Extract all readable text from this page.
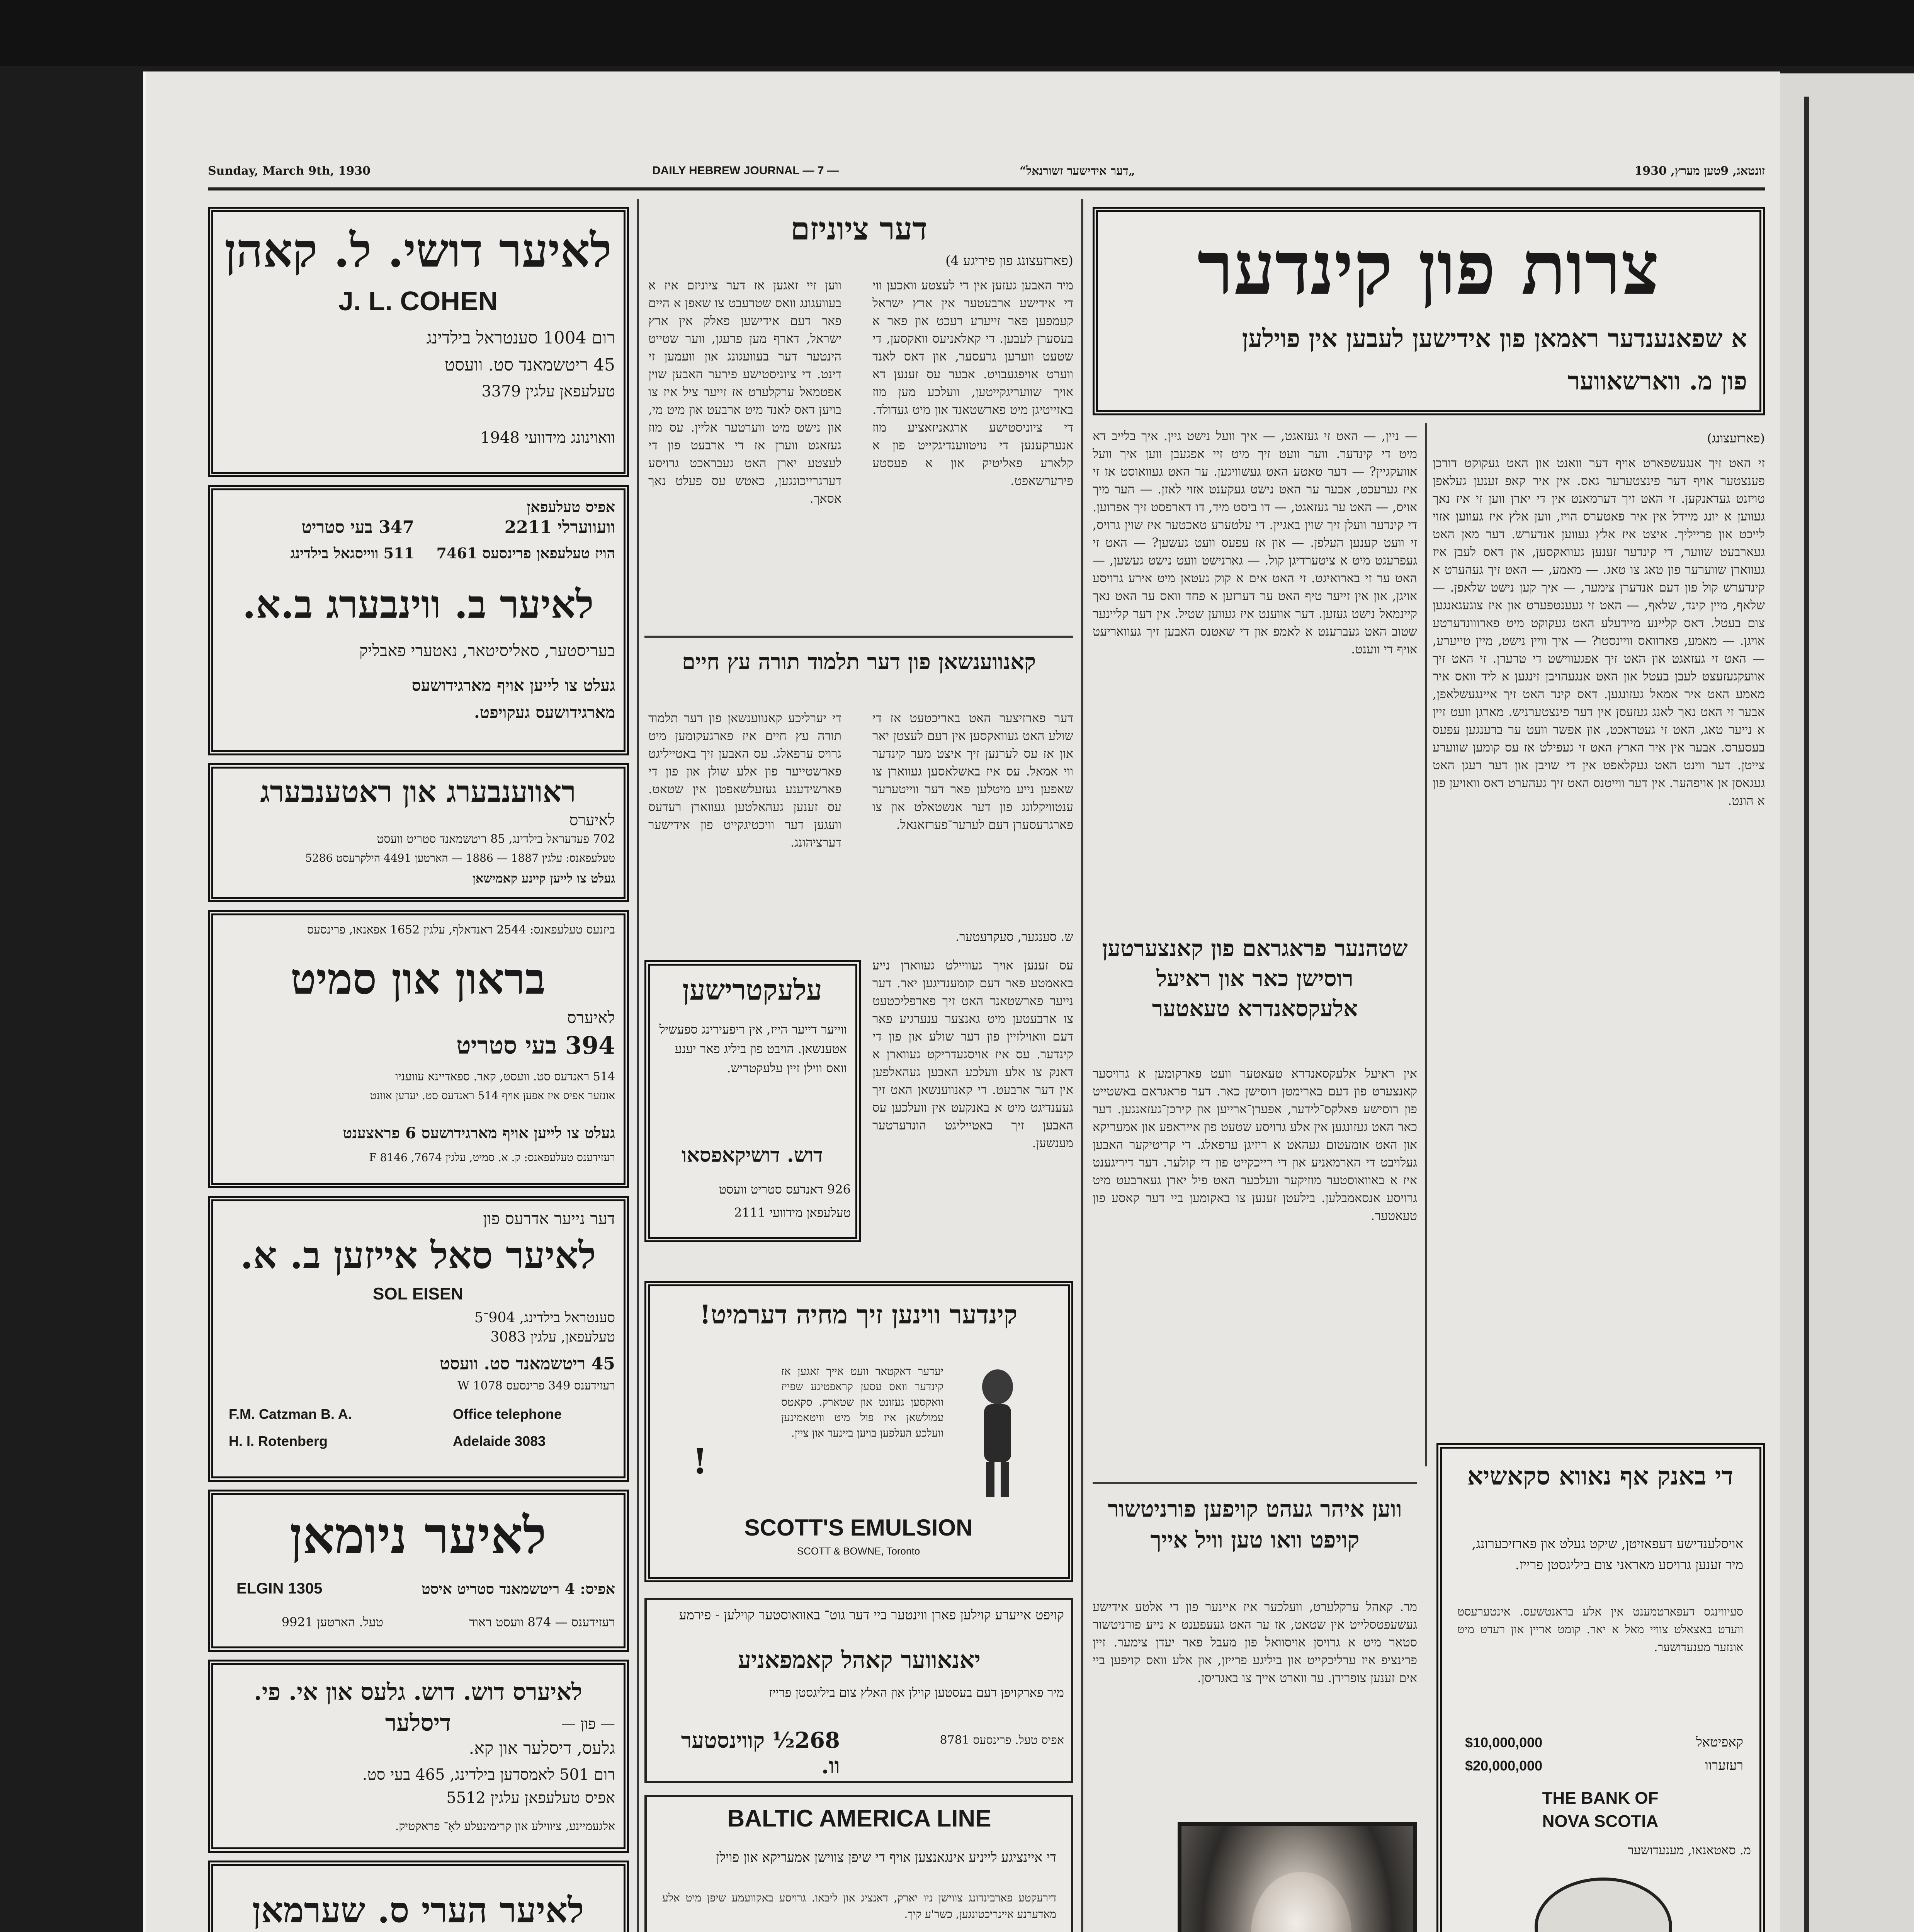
Sunday, March 9th, 1930	DAILY HEBREW JOURNAL — 7 —	„דער אידישער זשורנאל“	זונטאג, 9טען מערץ, 1930
לאיער דושי. ל. קאהן
J. L. COHEN
רום 1004 סענטראל בילדינג
45 ריטשמאנד סט. וועסט
טעלעפאן עלגין 3379
וואוינונג מידוועי 1948
אפיס טעלעפאן
347 בעי סטריט	וועווערלי 2211
511 ווייסגאל בילדינג	הויז טעלעפאן פרינסעס 7461
לאיער ב. ווינבערג ב.א.
בעריסטער, סאליסיטאר, נאטערי פאבליק
געלט צו לייען אויף מארגידושעס
מארגידושעס געקויפט.
ראווענבערג און ראטענבערג
לאיערס
702 פעדעראל בילדינג, 85 ריטשמאנד סטריט וועסט
טעלעפאנס: עלגין 1887 — 1886 — הארטען 4491 הילקרעסט 5286
געלט צו לייען קיינע קאמישאן
ביזנעס טעלעפאנס: 2544 ראנדאלף, עלגין 1652 אפאנאו, פרינסעס
בראון און סמיט
לאיערס
394 בעי סטריט
514 ראנדעס סט. וועסט, קאר. ספאדיינא עוועניו
אונזער אפיס איז אפען אויף 514 ראנדעס סט. יעדען אוונט
געלט צו לייען אויף מארגידושעס 6 פראצענט
רעזידענס טעלעפאנס: ק. א. סמיט, עלגין 7674, 8146 F
דער נייער אדרעס פון
לאיער סאל אייזען ב. א.
SOL EISEN
סענטראל בילדינג, 904־5
טעלעפאן, עלגין 3083
45 ריטשמאנד סט. וועסט
רעזידענס 349 פרינסעס W 1078
F.M. Catzman B. A.	Office telephone
H. I. Rotenberg	Adelaide 3083
לאיער ניומאן
ELGIN 1305	אפיס: 4 ריטשמאנד סטריט איסט
רעזידענס — 874 וועסט ראוד
טעל. הארטען 9921
לאיערס דוש. דוש. גלעס און אי. פי. דיסלער	— פון —
גלעס, דיסלער און קא.
רום 501 לאמסדען בילדינג, 465 בעי סט.
אפיס טעלעפאן עלגין 5512
אלגעמיינע, ציווילע און קרימינעלע לאָ־ פראקטיק.
לאיער הערי ס. שערמאן
דער ציוניזם
(פארזעצונג פון פיריגע 4)
ווען זיי זאגען אז דער ציוניזם איז א בעוועגונג וואס שטרעבט צו שאפן א היים פאר דעם אידישען פאלק אין ארץ ישראל, דארף מען פרעגן, ווער שטייט הינטער דער בעוועגונג און וועמען זי דינט. די ציוניסטישע פירער האבען שוין אפטמאל ערקלערט אז זייער ציל איז צו בויען דאס לאנד מיט ארבעט און מיט מי, און נישט מיט ווערטער אליין. עס מוז געזאגט ווערן אז די ארבעט פון די לעצטע יארן האט געבראכט גרויסע דערגרייכונגען, כאטש עס פעלט נאך אסאך.
מיר האבען געזען אין די לעצטע וואכען ווי די אידישע ארבעטער אין ארץ ישראל קעמפען פאר זייערע רעכט און פאר א בעסערן לעבען. די קאלאניעס וואקסען, די שטעט ווערען גרעסער, און דאס לאנד ווערט אויפגעבויט. אבער עס זענען דא אויך שוועריגקייטען, וועלכע מען מוז באזייטיגן מיט פארשטאנד און מיט געדולד. די ציוניסטישע ארגאניזאציע מוז אנערקענען די נויטווענדיגקייט פון א קלארע פאליטיק און א פעסטע פירערשאפט.
קאנווענשאן פון דער תלמוד תורה עץ חיים
די יערליכע קאנווענשאן פון דער תלמוד תורה עץ חיים איז פארגעקומען מיט גרויס ערפאלג. עס האבען זיך באטייליגט פארשטייער פון אלע שולן און פון די פארשידענע געזעלשאפטן אין שטאט. עס זענען געהאלטען געווארן רעדעס וועגען דער וויכטיגקייט פון אידישער דערציהונג.
דער פארזיצער האט באריכטעט אז די שולע האט געוואקסען אין דעם לעצטן יאר און אז עס לערנען זיך איצט מער קינדער ווי אמאל. עס איז באשלאסען געווארן צו שאפען נייע מיטלען פאר דער ווייטערער ענטוויקלונג פון דער אנשטאלט און צו פארגרעסערן דעם לערער־פערזאנאל.
ש. סענגער, סעקרעטער.
עלעקטרישען
ווייער דייער הייז, אין ריפעירינג ספעשיל אטענשאן. הויבט פון ביליג פאר יענע וואס ווילן זיין עלעקטריש.
דוש. דושיקאפסאו
926 דאנדעס סטריט וועסט
טעלעפאן מידוועי 2111
עס זענען אויך געוויילט געווארן נייע באאמטע פאר דעם קומענדיגען יאר. דער נייער פארשטאנד האט זיך פארפליכטעט צו ארבעטען מיט גאנצער ענערגיע פאר דעם וואוילזיין פון דער שולע און פון די קינדער. עס איז אויסגעדריקט געווארן א דאנק צו אלע וועלכע האבען געהאלפען אין דער ארבעט. די קאנווענשאן האט זיך געענדיגט מיט א באנקעט אין וועלכען עס האבען זיך באטייליגט הונדערטער מענשען.
קינדער ווינען זיך מחיה דערמיט!
יעדער דאקטאר וועט אייך זאגען אז קינדער וואס עסען קראפטיגע שפייז וואקסען געזונט און שטארק. סקאטס עמולשאן איז פול מיט וויטאמינען וועלכע העלפען בויען ביינער און ציין.
!
SCOTT'S EMULSION
SCOTT & BOWNE, Toronto
קויפט אייערע קוילען פארן ווינטער ביי דער גוט־ באוואוסטער קוילען - פירמע
יאנאווער קאהל קאמפאניע
מיר פארקויפן דעם בעסטען קוילן און האלץ צום ביליגסטן פרייז
268½ קווינסטער וו.
אפיס טעל. פרינסעס 8781
BALTIC AMERICA LINE
די איינציגע לייניע אינגאנצען אויף די שיפן צווישן אמעריקא און פוילן
דירעקטע פארבינדונג צווישן ניו יארק, דאנציג און ליבאו. גרויסע באקוועמע שיפן מיט אלע מאדערנע איינריכטונגען, כשר'ע קיך.
צרות פון קינדער
א שפאנענדער ראמאן פון אידישען לעבען אין פוילען
פון מ. ווארשאווער
— ניין, — האט זי געזאגט, — איך וועל נישט גיין. איך בלייב דא מיט די קינדער. ווער וועט זיך מיט זיי אפגעבן ווען איך וועל אוועקגיין? — דער טאטע האט געשוויגען. ער האט געוואוסט אז זי איז גערעכט, אבער ער האט נישט געקענט אזוי לאזן. — הער מיך אויס, — האט ער געזאגט, — דו ביסט מיד, דו דארפסט זיך אפרוען. די קינדער וועלן זיך שוין באגיין. די עלטערע טאכטער איז שוין גרויס, זי וועט קענען העלפן. — און אז עפעס וועט געשען? — האט זי געפרעגט מיט א ציטערדיגן קול. — גארנישט וועט נישט געשען, — האט ער זי בארואיגט. זי האט אים א קוק געטאן מיט אירע גרויסע אויגן, און אין זייער טיף האט ער דערזען א פחד וואס ער האט נאך קיינמאל נישט געזען. דער אווענט איז געווען שטיל. אין דער קליינער שטוב האט געברענט א לאמפ און די שאטנס האבען זיך געוואריעט אויף די ווענט.
שטהנער פראגראם פון קאנצערטען רוסישן כאר און ראיעל אלעקסאנדרא טעאטער
אין ראיעל אלעקסאנדרא טעאטער וועט פארקומען א גרויסער קאנצערט פון דעם בארימטן רוסישן כאר. דער פראגראם באשטייט פון רוסישע פאלקס־לידער, אפערן־ארייען און קירכן־געזאנגען. דער כאר האט געזונגען אין אלע גרויסע שטעט פון אייראפע און אמעריקא און האט אומעטום געהאט א ריזיגן ערפאלג. די קריטיקער האבען געלויבט די הארמאניע און די רייכקייט פון די קולער. דער דיריגענט איז א באוואוסטער מוזיקער וועלכער האט פיל יארן געארבעט מיט גרויסע אנסאמבלען. בילעטן זענען צו באקומען ביי דער קאסע פון טעאטער.
ווען איהר געהט קויפען פורניטשור קויפט וואו טען וויל אייך
מר. קאהל ערקלערט, וועלכער איז איינער פון די אלטע אידישע געשעפטסלייט אין שטאט, אז ער האט געעפענט א נייע פורניטשור סטאר מיט א גרויסן אויסוואל פון מעבל פאר יעדן צימער. זיין פרינציפ איז ערליכקייט און ביליגע פרייזן, און אלע וואס קויפען ביי אים זענען צופרידן. ער ווארט אייך צו באגריסן.
(פארזעצונג)
זי האט זיך אנגעשפארט אויף דער וואנט און האט געקוקט דורכן פענצטער אויף דער פינצטערער גאס. אין איר קאפ זענען געלאפן טויזנט געדאנקען. זי האט זיך דערמאנט אין די יארן ווען זי איז נאך געווען א יונג מיידל אין איר פאטערס הויז, ווען אלץ איז געווען אזוי לייכט און פרייליך. איצט איז אלץ געווען אנדערש. דער מאן האט געארבעט שווער, די קינדער זענען געוואקסען, און דאס לעבן איז געווארן שווערער פון טאג צו טאג. — מאמע, — האט זיך געהערט א קינדערש קול פון דעם אנדערן צימער, — איך קען נישט שלאפן. — שלאף, מיין קינד, שלאף, — האט זי געענטפערט און איז צוגעגאנגען צום בעטל. דאס קליינע מיידעלע האט געקוקט מיט פארווונדערטע אויגן. — מאמע, פארוואס וויינסטו? — איך וויין נישט, מיין טייערע, — האט זי געזאגט און האט זיך אפגעווישט די טרערן. זי האט זיך אוועקגעזעצט לעבן בעטל און האט אנגעהויבן זינגען א ליד וואס איר מאמע האט איר אמאל געזונגען. דאס קינד האט זיך איינגעשלאפן, אבער זי האט נאך לאנג געזעסן אין דער פינצטערניש. מארגן וועט זיין א נייער טאג, האט זי געטראכט, און אפשר וועט ער ברענגען עפעס בעסערס. אבער אין איר הארץ האט זי געפילט אז עס קומען שווערע צייטן. דער ווינט האט געקלאפט אין די שויבן און דער רעגן האט געגאסן אן אויפהער. אין דער ווייטנס האט זיך געהערט דאס וואויען פון א הונט.
די באנק אף נאווא סקאשיא
אויסלענדישע דעפאזיטן, שיקט געלט און פארזיכערונג, מיר זענען גרויסע מאראני צום ביליגסטן פרייז.
סעיווינגס דעפארטמענט אין אלע בראנטשעס. אינטערעסט ווערט באצאלט צוויי מאל א יאר. קומט אריין און רעדט מיט אונזער מענעדושער.
קאפיטאל
$10,000,000
רעזערוו
$20,000,000
THE BANK OF
NOVA SCOTIA
מ. סאטאנאו, מענעדושער
